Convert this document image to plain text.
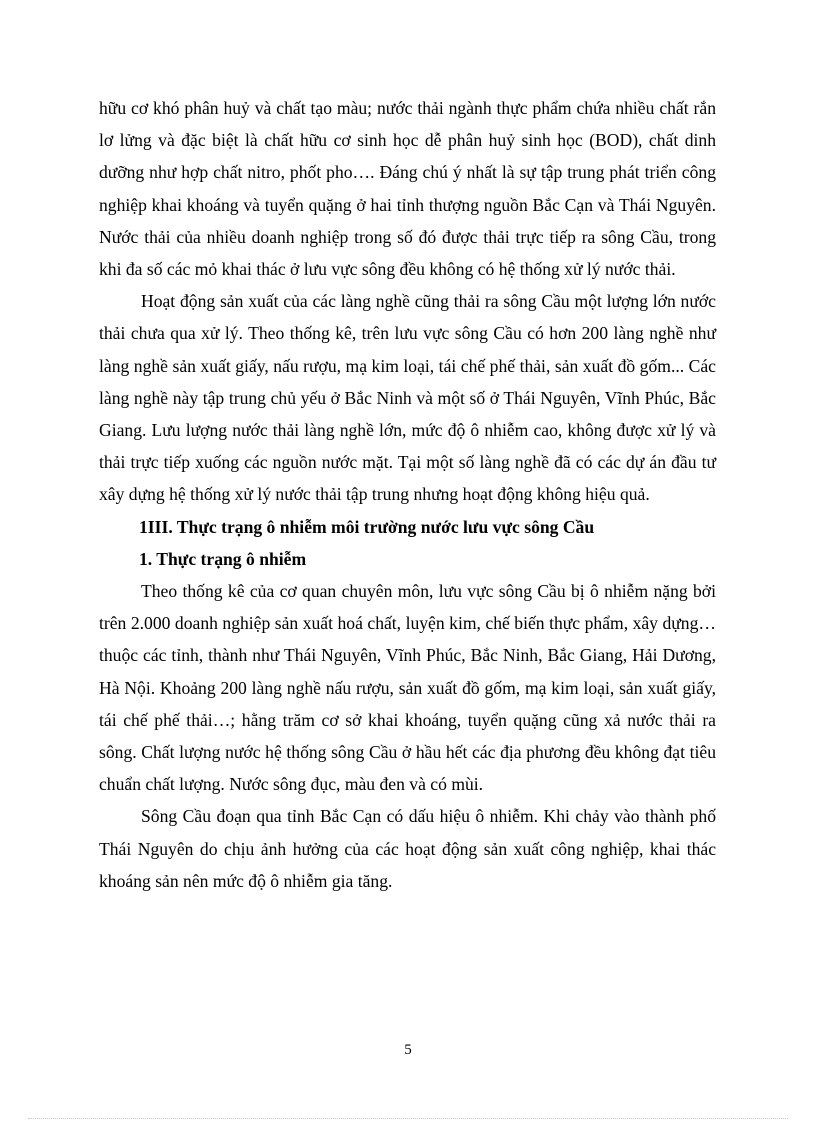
hữu cơ khó phân huỷ và chất tạo màu; nước thải ngành thực phẩm chứa nhiều chất rắn lơ lửng và đặc biệt là chất hữu cơ sinh học dễ phân huỷ sinh học (BOD), chất dinh dưỡng như hợp chất nitro, phốt pho…. Đáng chú ý nhất là sự tập trung phát triển công nghiệp khai khoáng và tuyển quặng ở hai tỉnh thượng nguồn Bắc Cạn và Thái Nguyên. Nước thải của nhiều doanh nghiệp trong số đó được thải trực tiếp ra sông Cầu, trong khi đa số các mỏ khai thác ở lưu vực sông đều không có hệ thống xử lý nước thải.

Hoạt động sản xuất của các làng nghề cũng thải ra sông Cầu một lượng lớn nước thải chưa qua xử lý. Theo thống kê, trên lưu vực sông Cầu có hơn 200 làng nghề như làng nghề sản xuất giấy, nấu rượu, mạ kim loại, tái chế phế thải, sản xuất đồ gốm... Các làng nghề này tập trung chủ yếu ở Bắc Ninh và một số ở Thái Nguyên, Vĩnh Phúc, Bắc Giang. Lưu lượng nước thải làng nghề lớn, mức độ ô nhiễm cao, không được xử lý và thải trực tiếp xuống các nguồn nước mặt. Tại một số làng nghề đã có các dự án đầu tư xây dựng hệ thống xử lý nước thải tập trung nhưng hoạt động không hiệu quả.

1III. Thực trạng ô nhiễm môi trường nước lưu vực sông Cầu

1. Thực trạng ô nhiễm

Theo thống kê của cơ quan chuyên môn, lưu vực sông Cầu bị ô nhiễm nặng bởi trên 2.000 doanh nghiệp sản xuất hoá chất, luyện kim, chế biến thực phẩm, xây dựng… thuộc các tỉnh, thành như Thái Nguyên, Vĩnh Phúc, Bắc Ninh, Bắc Giang, Hải Dương, Hà Nội. Khoảng 200 làng nghề nấu rượu, sản xuất đồ gốm, mạ kim loại, sản xuất giấy, tái chế phế thải…; hằng trăm cơ sở khai khoáng, tuyển quặng cũng xả nước thải ra sông. Chất lượng nước hệ thống sông Cầu ở hầu hết các địa phương đều không đạt tiêu chuẩn chất lượng. Nước sông đục, màu đen và có mùi.

Sông Cầu đoạn qua tỉnh Bắc Cạn có dấu hiệu ô nhiễm. Khi chảy vào thành phố Thái Nguyên do chịu ảnh hưởng của các hoạt động sản xuất công nghiệp, khai thác khoáng sản nên mức độ ô nhiễm gia tăng.

5
